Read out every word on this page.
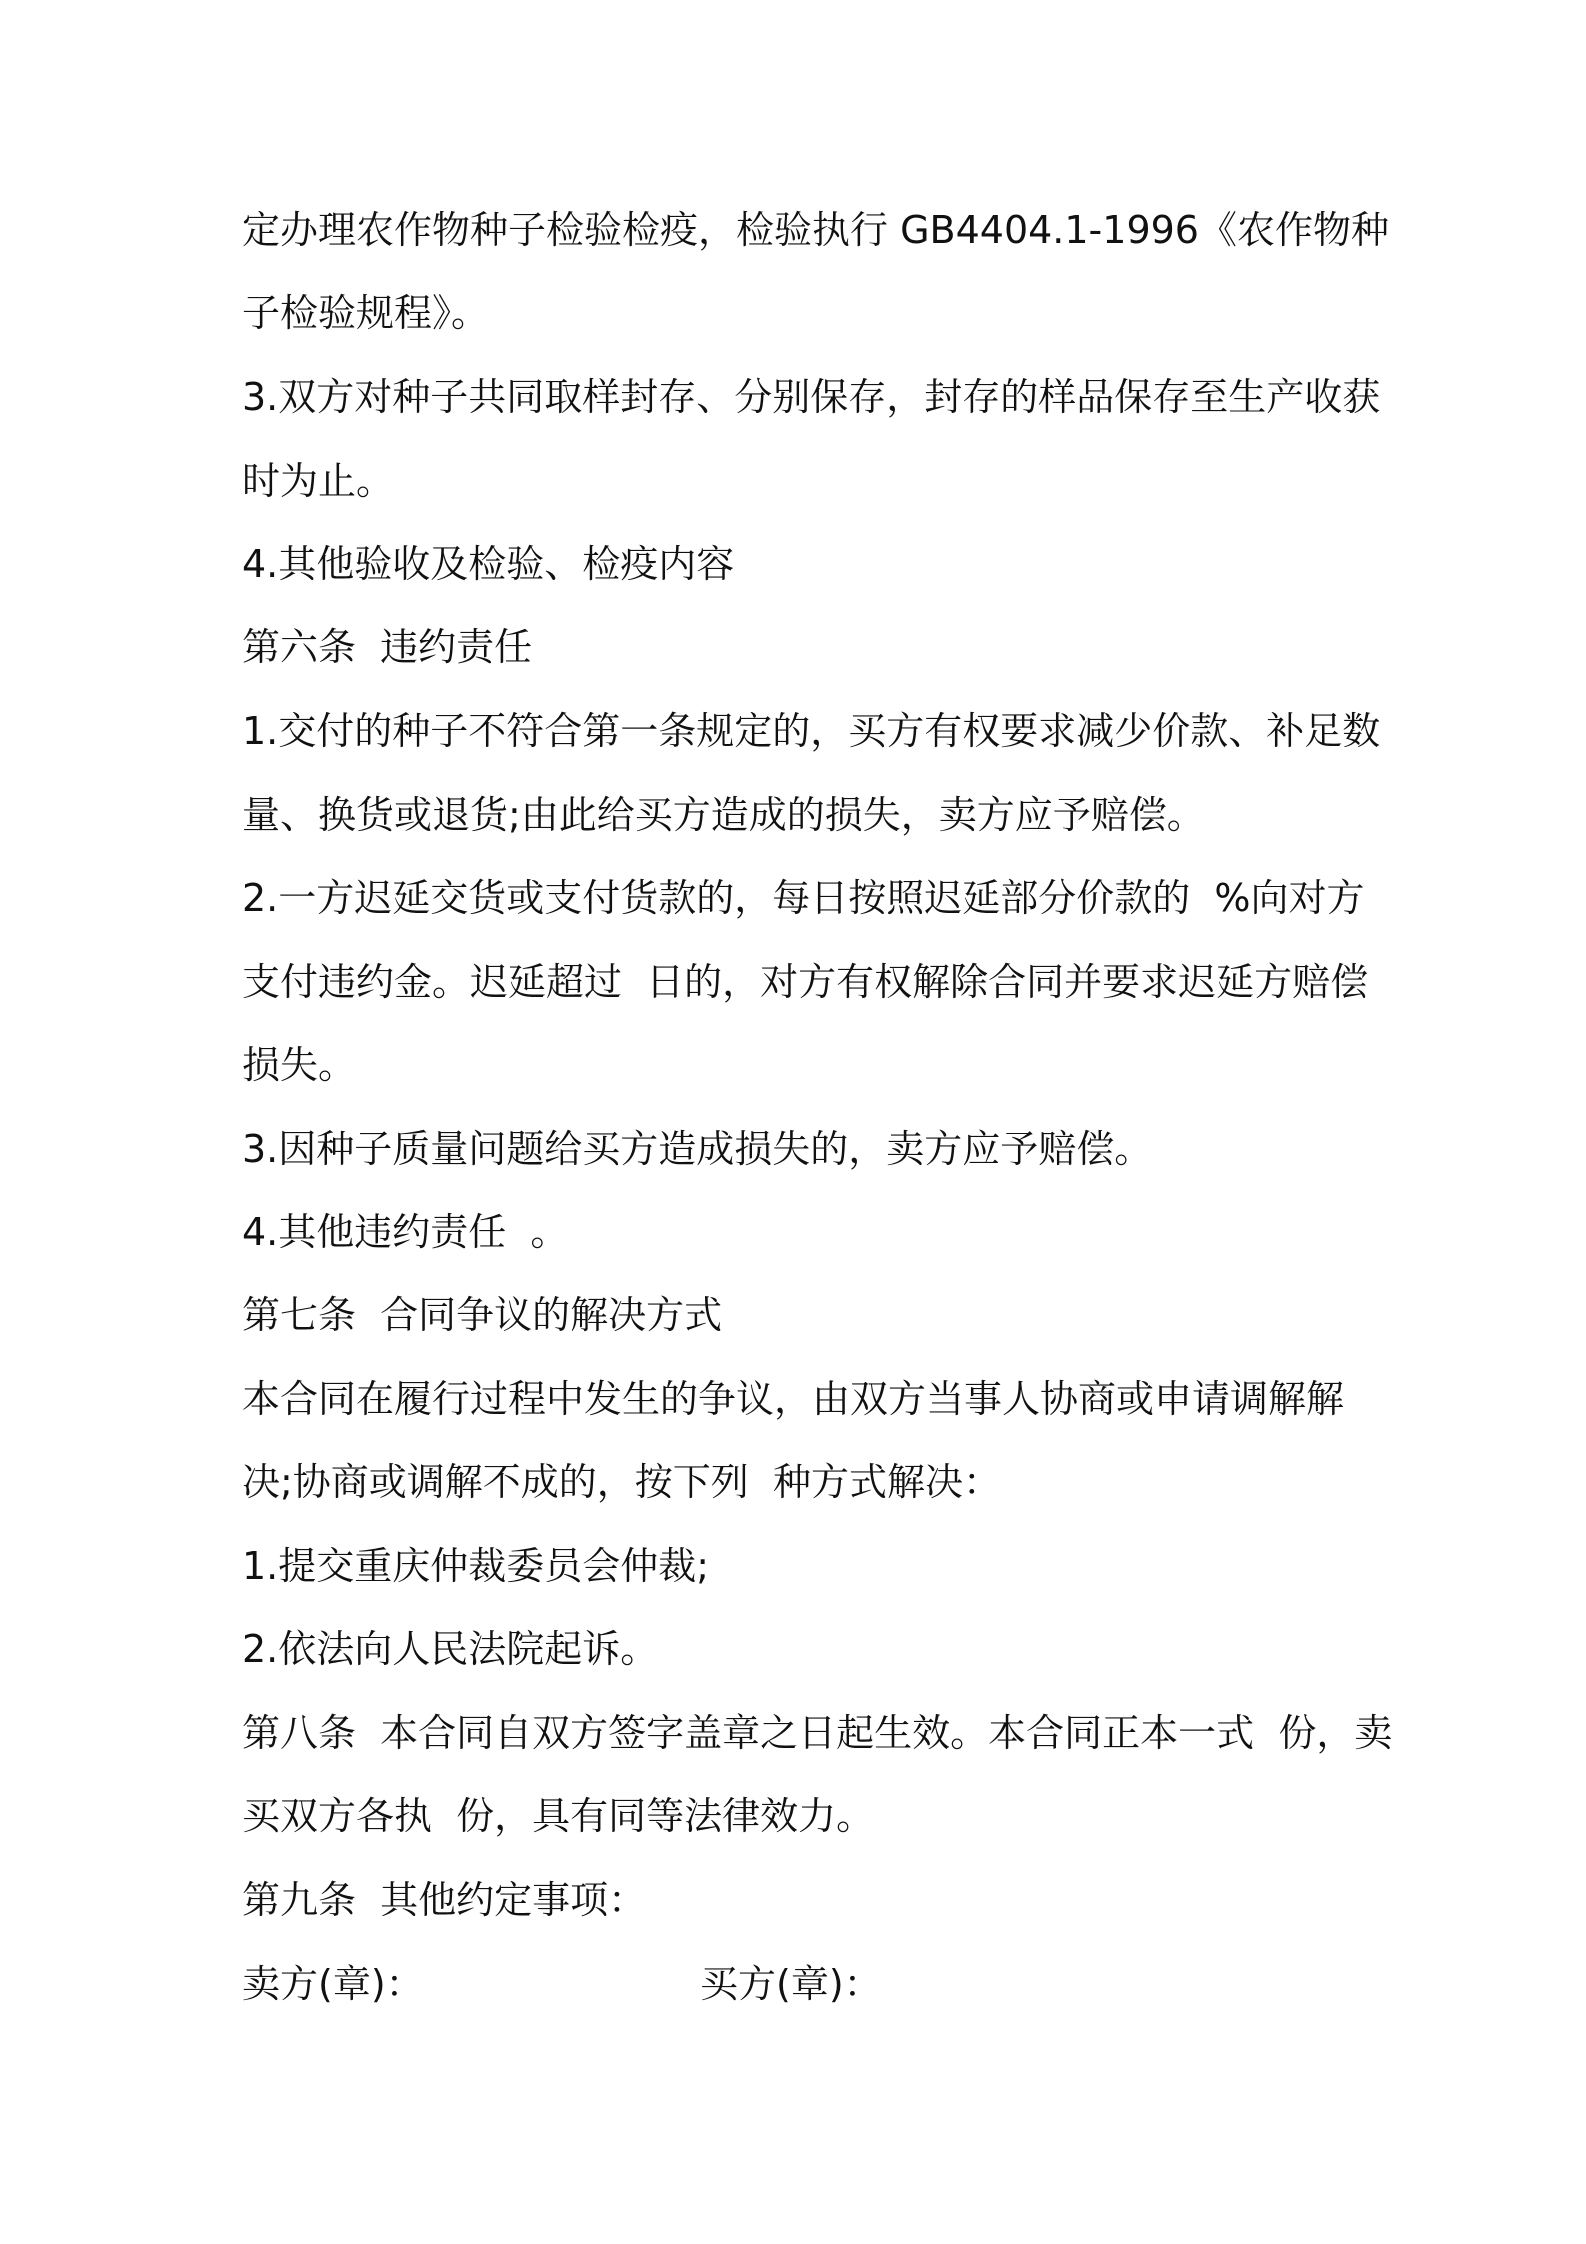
定办理农作物种子检验检疫，检验执行 GB4404.1-1996《农作物种
子检验规程》。
3.双方对种子共同取样封存、分别保存，封存的样品保存至生产收获
时为止。
4.其他验收及检验、检疫内容
第六条  违约责任
1.交付的种子不符合第一条规定的，买方有权要求减少价款、补足数
量、换货或退货;由此给买方造成的损失，卖方应予赔偿。
2.一方迟延交货或支付货款的，每日按照迟延部分价款的  %向对方
支付违约金。迟延超过  日的，对方有权解除合同并要求迟延方赔偿
损失。
3.因种子质量问题给买方造成损失的，卖方应予赔偿。
4.其他违约责任  。
第七条  合同争议的解决方式
本合同在履行过程中发生的争议，由双方当事人协商或申请调解解
决;协商或调解不成的，按下列  种方式解决：
1.提交重庆仲裁委员会仲裁;
2.依法向人民法院起诉。
第八条  本合同自双方签字盖章之日起生效。本合同正本一式  份，卖
买双方各执  份，具有同等法律效力。
第九条  其他约定事项：
卖方(章)：	买方(章)：
